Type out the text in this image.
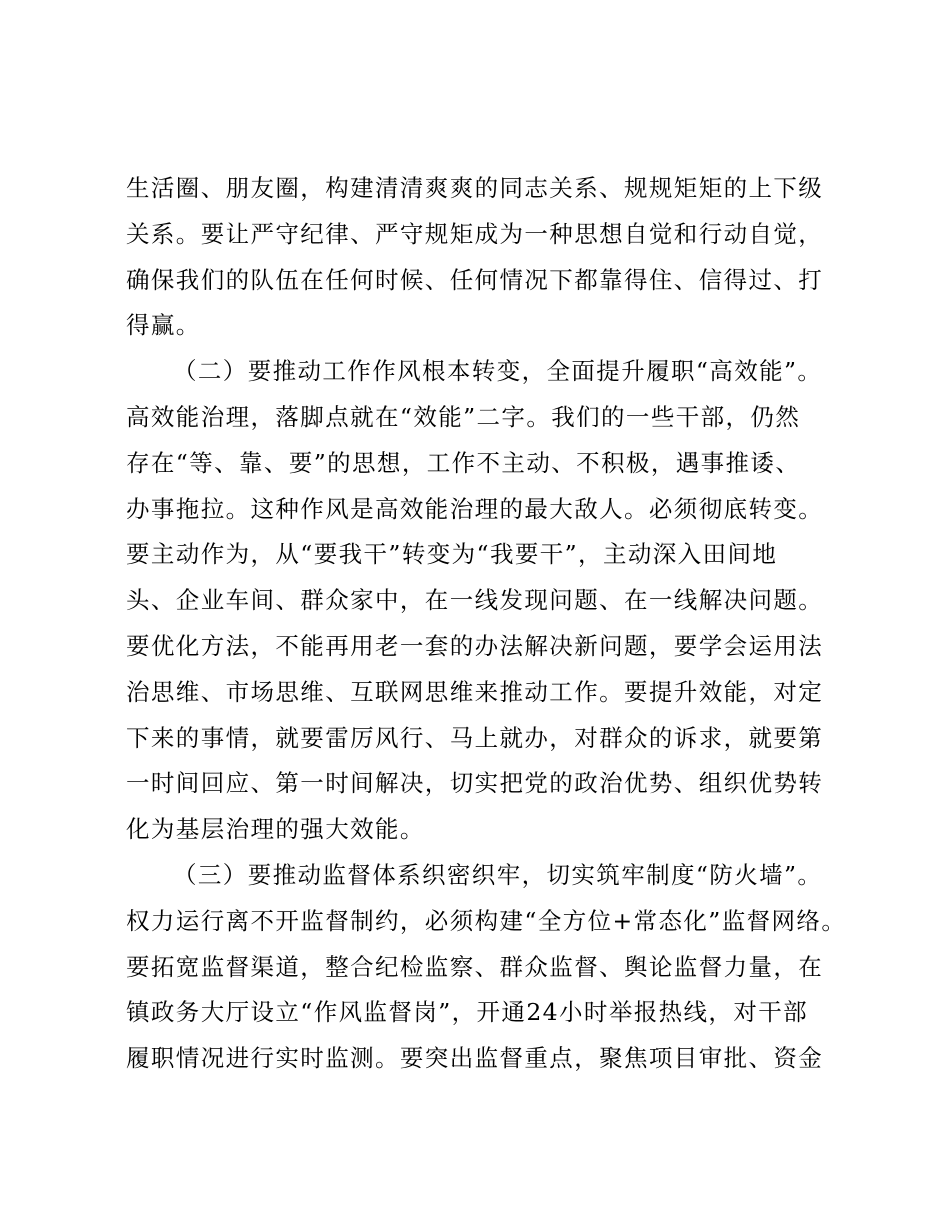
生活圈、朋友圈，构建清清爽爽的同志关系、规规矩矩的上下级
关系。要让严守纪律、严守规矩成为一种思想自觉和行动自觉，
确保我们的队伍在任何时候、任何情况下都靠得住、信得过、打
得赢。
（二）要推动工作作风根本转变，全面提升履职“高效能”。
高效能治理，落脚点就在“效能”二字。我们的一些干部，仍然
存在“等、靠、要”的思想，工作不主动、不积极，遇事推诿、
办事拖拉。这种作风是高效能治理的最大敌人。必须彻底转变。
要主动作为，从“要我干”转变为“我要干”，主动深入田间地
头、企业车间、群众家中，在一线发现问题、在一线解决问题。
要优化方法，不能再用老一套的办法解决新问题，要学会运用法
治思维、市场思维、互联网思维来推动工作。要提升效能，对定
下来的事情，就要雷厉风行、马上就办，对群众的诉求，就要第
一时间回应、第一时间解决，切实把党的政治优势、组织优势转
化为基层治理的强大效能。
（三）要推动监督体系织密织牢，切实筑牢制度“防火墙”。
权力运行离不开监督制约，必须构建“全方位+常态化”监督网络。
要拓宽监督渠道，整合纪检监察、群众监督、舆论监督力量，在
镇政务大厅设立“作风监督岗”，开通24小时举报热线，对干部
履职情况进行实时监测。要突出监督重点，聚焦项目审批、资金
